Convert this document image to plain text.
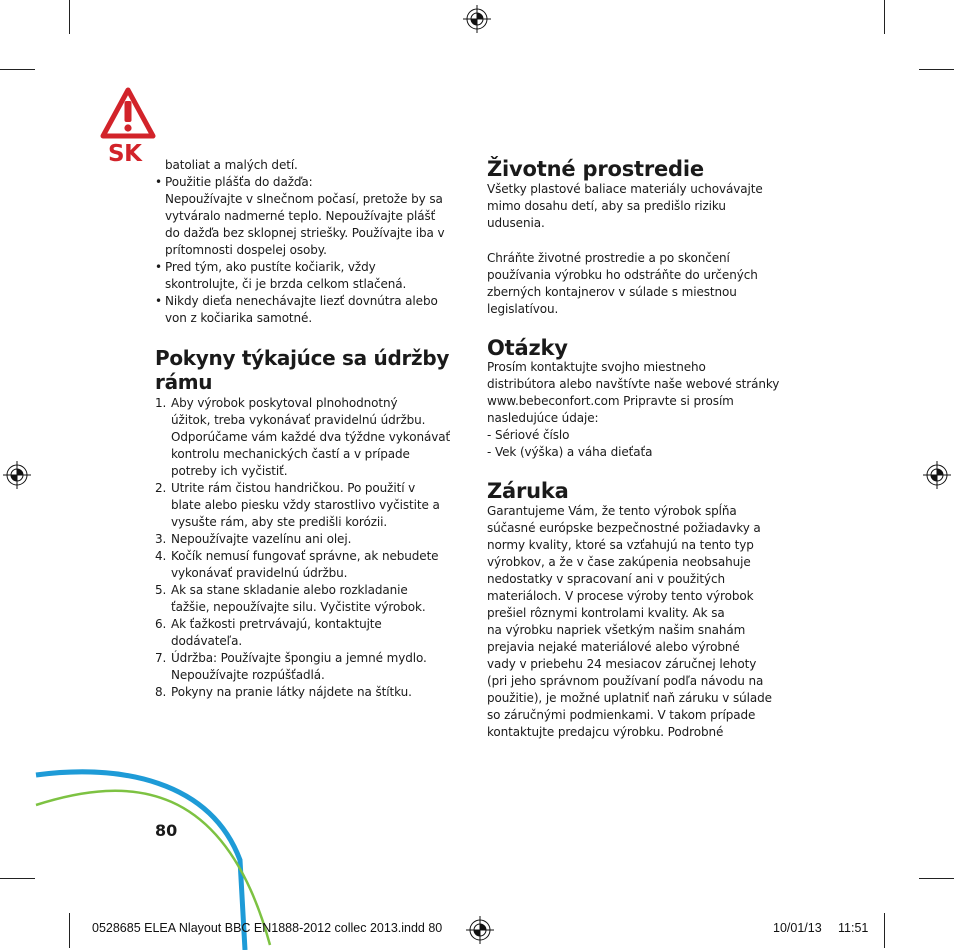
SK batoliat a malých detí.
• Použitie plášťa do dažďa:
Nepoužívajte v slnečnom počasí, pretože by sa
vytváralo nadmerné teplo. Nepoužívajte plášť
do dažďa bez sklopnej striešky. Používajte iba v
prítomnosti dospelej osoby.
• Pred tým, ako pustíte kočiarik, vždy
skontrolujte, či je brzda celkom stlačená.
• Nikdy dieťa nenechávajte liezť dovnútra alebo
von z kočiarika samotné.
Pokyny týkajúce sa údržby
rámu
1. Aby výrobok poskytoval plnohodnotný
úžitok, treba vykonávať pravidelnú údržbu.
Odporúčame vám každé dva týždne vykonávať
kontrolu mechanických častí a v prípade
potreby ich vyčistiť.
2. Utrite rám čistou handričkou. Po použití v
blate alebo piesku vždy starostlivo vyčistite a
vysušte rám, aby ste predišli korózii.
3. Nepoužívajte vazelínu ani olej.
4. Kočík nemusí fungovať správne, ak nebudete
vykonávať pravidelnú údržbu.
5. Ak sa stane skladanie alebo rozkladanie
ťažšie, nepoužívajte silu. Vyčistite výrobok.
6. Ak ťažkosti pretrvávajú, kontaktujte
dodávateľa.
7. Údržba: Používajte špongiu a jemné mydlo.
Nepoužívajte rozpúšťadlá.
8. Pokyny na pranie látky nájdete na štítku.
Životné prostredie
Všetky plastové baliace materiály uchovávajte
mimo dosahu detí, aby sa predišlo riziku
udusenia.
Chráňte životné prostredie a po skončení
používania výrobku ho odstráňte do určených
zberných kontajnerov v súlade s miestnou
legislatívou.
Otázky
Prosím kontaktujte svojho miestneho
distribútora alebo navštívte naše webové stránky
www.bebeconfort.com Pripravte si prosím
nasledujúce údaje:
- Sériové číslo
- Vek (výška) a váha dieťaťa
Záruka
Garantujeme Vám, že tento výrobok spĺňa
súčasné európske bezpečnostné požiadavky a
normy kvality, ktoré sa vzťahujú na tento typ
výrobkov, a že v čase zakúpenia neobsahuje
nedostatky v spracovaní ani v použitých
materiáloch. V procese výroby tento výrobok
prešiel rôznymi kontrolami kvality. Ak sa
na výrobku napriek všetkým našim snahám
prejavia nejaké materiálové alebo výrobné
vady v priebehu 24 mesiacov záručnej lehoty
(pri jeho správnom používaní podľa návodu na
použitie), je možné uplatniť naň záruku v súlade
so záručnými podmienkami. V takom prípade
kontaktujte predajcu výrobku. Podrobné
80
0528685 ELEA Nlayout BBC EN1888-2012 collec 2013.indd 80	10/01/13 11:51
